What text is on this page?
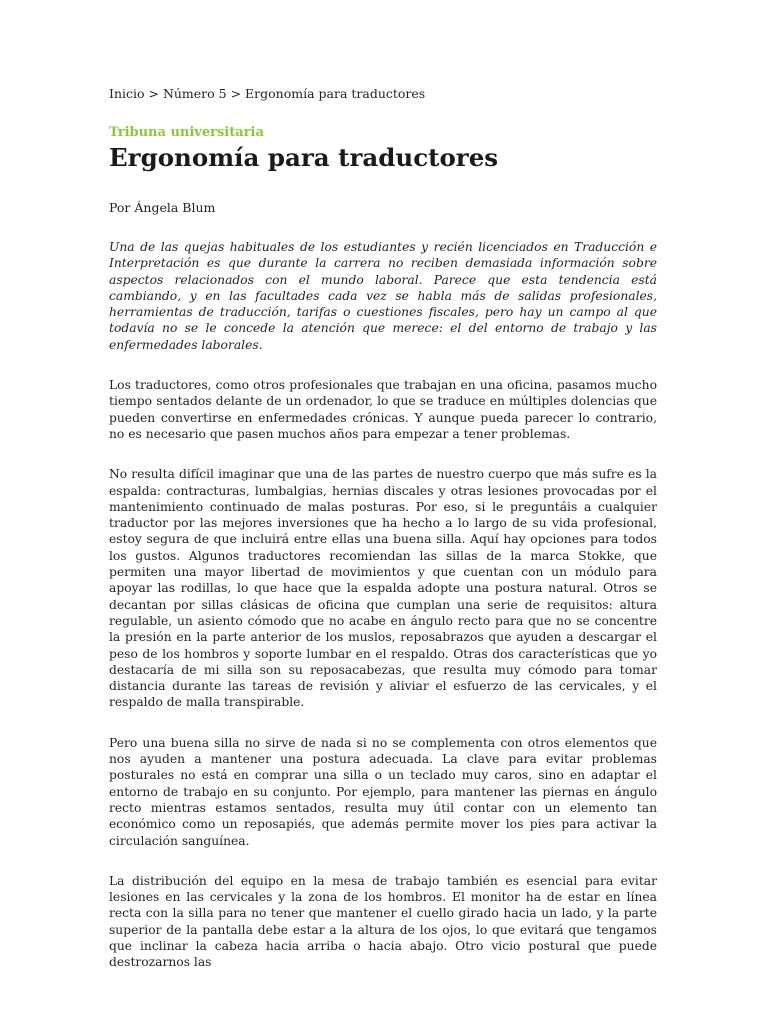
Inicio > Número 5 > Ergonomía para traductores
Tribuna universitaria
Ergonomía para traductores
Por Ángela Blum

Una de las quejas habituales de los estudiantes y recién licenciados en Traducción e Interpretación es que durante la carrera no reciben demasiada información sobre aspectos relacionados con el mundo laboral. Parece que esta tendencia está cambiando, y en las facultades cada vez se habla más de salidas profesionales, herramientas de traducción, tarifas o cuestiones fiscales, pero hay un campo al que todavía no se le concede la atención que merece: el del entorno de trabajo y las enfermedades laborales.

Los traductores, como otros profesionales que trabajan en una oficina, pasamos mucho tiempo sentados delante de un ordenador, lo que se traduce en múltiples dolencias que pueden convertirse en enfermedades crónicas. Y aunque pueda parecer lo contrario, no es necesario que pasen muchos años para empezar a tener problemas.

No resulta difícil imaginar que una de las partes de nuestro cuerpo que más sufre es la espalda: contracturas, lumbalgias, hernias discales y otras lesiones provocadas por el mantenimiento continuado de malas posturas. Por eso, si le preguntáis a cualquier traductor por las mejores inversiones que ha hecho a lo largo de su vida profesional, estoy segura de que incluirá entre ellas una buena silla. Aquí hay opciones para todos los gustos. Algunos traductores recomiendan las sillas de la marca Stokke, que permiten una mayor libertad de movimientos y que cuentan con un módulo para apoyar las rodillas, lo que hace que la espalda adopte una postura natural. Otros se decantan por sillas clásicas de oficina que cumplan una serie de requisitos: altura regulable, un asiento cómodo que no acabe en ángulo recto para que no se concentre la presión en la parte anterior de los muslos, reposabrazos que ayuden a descargar el peso de los hombros y soporte lumbar en el respaldo. Otras dos características que yo destacaría de mi silla son su reposacabezas, que resulta muy cómodo para tomar distancia durante las tareas de revisión y aliviar el esfuerzo de las cervicales, y el respaldo de malla transpirable.

Pero una buena silla no sirve de nada si no se complementa con otros elementos que nos ayuden a mantener una postura adecuada. La clave para evitar problemas posturales no está en comprar una silla o un teclado muy caros, sino en adaptar el entorno de trabajo en su conjunto. Por ejemplo, para mantener las piernas en ángulo recto mientras estamos sentados, resulta muy útil contar con un elemento tan económico como un reposapiés, que además permite mover los pies para activar la circulación sanguínea.

La distribución del equipo en la mesa de trabajo también es esencial para evitar lesiones en las cervicales y la zona de los hombros. El monitor ha de estar en línea recta con la silla para no tener que mantener el cuello girado hacia un lado, y la parte superior de la pantalla debe estar a la altura de los ojos, lo que evitará que tengamos que inclinar la cabeza hacia arriba o hacia abajo. Otro vicio postural que puede destrozarnos las
